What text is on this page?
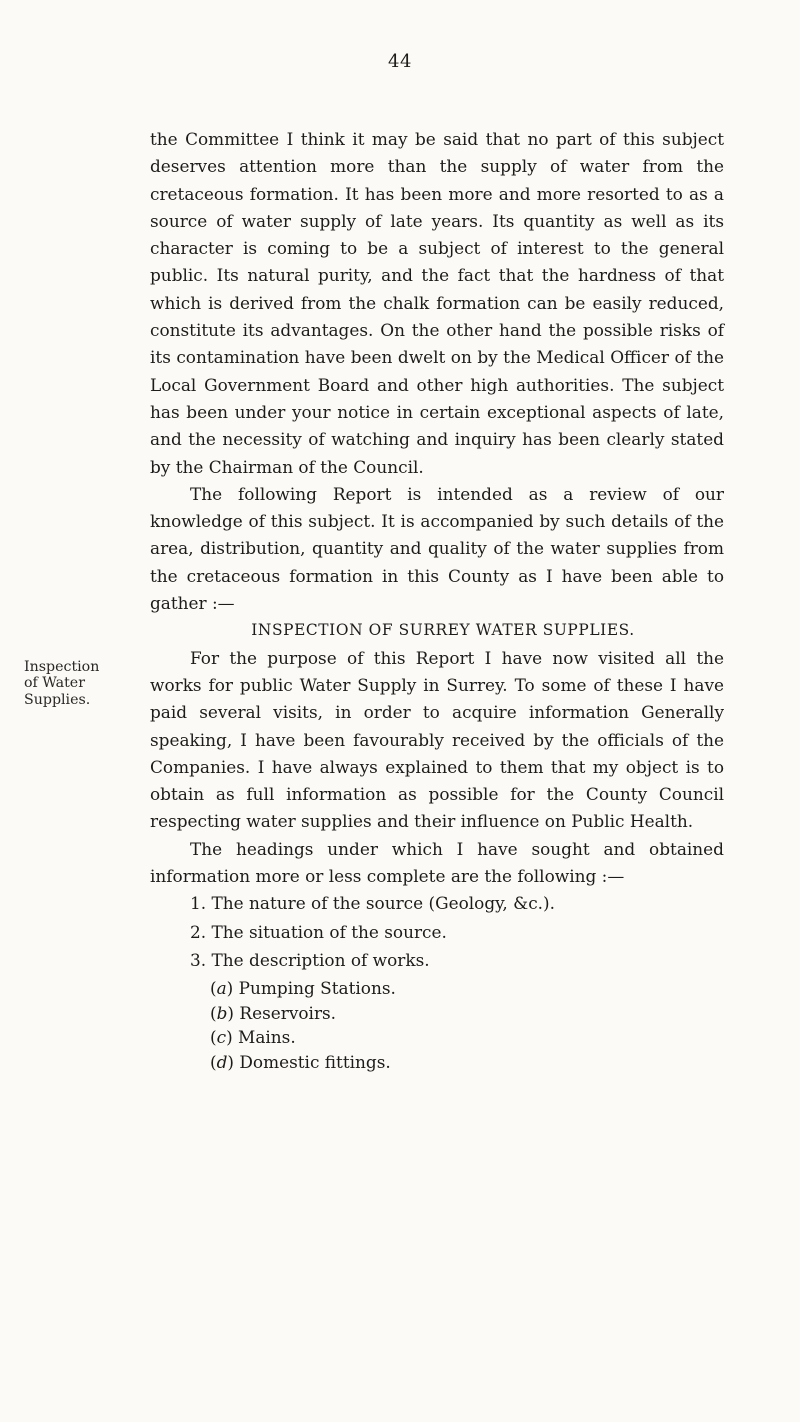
44
Inspection
of Water
Supplies.

the Committee I think it may be said that no part of this subject deserves attention more than the supply of water from the cretaceous formation. It has been more and more resorted to as a source of water supply of late years. Its quantity as well as its character is coming to be a subject of interest to the general public. Its natural purity, and the fact that the hardness of that which is derived from the chalk formation can be easily reduced, constitute its advantages. On the other hand the possible risks of its contamination have been dwelt on by the Medical Officer of the Local Government Board and other high authorities. The subject has been under your notice in certain exceptional aspects of late, and the necessity of watching and inquiry has been clearly stated by the Chairman of the Council.

The following Report is intended as a review of our knowledge of this subject. It is accompanied by such details of the area, distribution, quantity and quality of the water supplies from the cretaceous formation in this County as I have been able to gather :—

INSPECTION OF SURREY WATER SUPPLIES.

For the purpose of this Report I have now visited all the works for public Water Supply in Surrey. To some of these I have paid several visits, in order to acquire information Generally speaking, I have been favourably received by the officials of the Companies. I have always explained to them that my object is to obtain as full information as possible for the County Council respecting water supplies and their influence on Public Health.

The headings under which I have sought and obtained information more or less complete are the following :—

1. The nature of the source (Geology, &c.).
2. The situation of the source.
3. The description of works.
(a) Pumping Stations.
(b) Reservoirs.
(c) Mains.
(d) Domestic fittings.
